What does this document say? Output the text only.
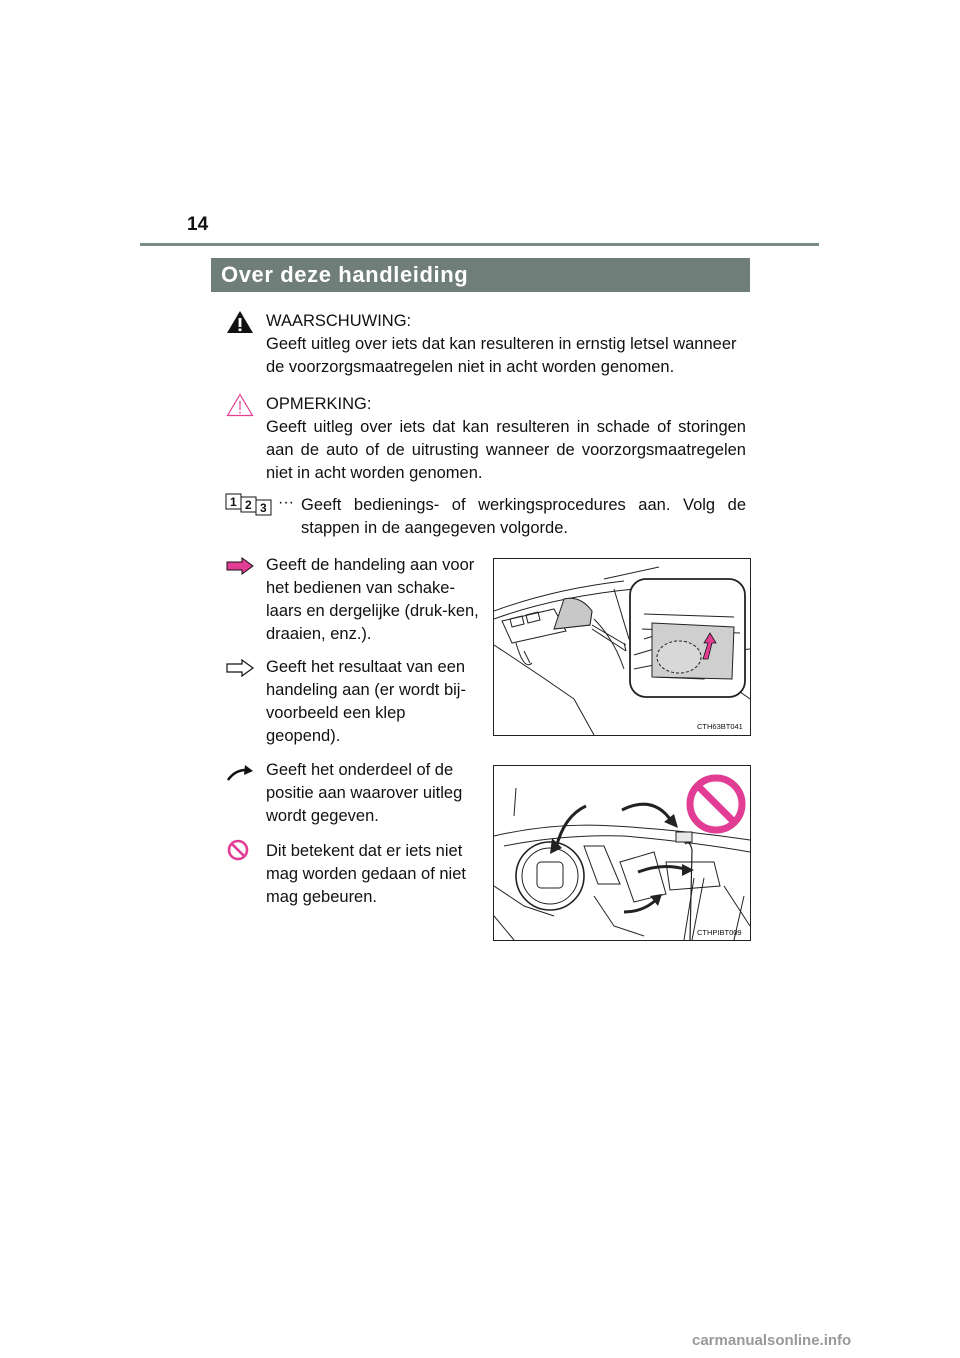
14
Over deze handleiding
WAARSCHUWING:
Geeft uitleg over iets dat kan resulteren in ernstig letsel wanneer de voorzorgsmaatregelen niet in acht worden genomen.
OPMERKING:
Geeft uitleg over iets dat kan resulteren in schade of storingen aan de auto of de uitrusting wanneer de voorzorgsmaatregelen niet in acht worden genomen.
1 2 3 ··· Geeft bedienings- of werkingsprocedures aan. Volg de stappen in de aangegeven volgorde.
Geeft de handeling aan voor het bedienen van schake-laars en dergelijke (druk-ken, draaien, enz.).
Geeft het resultaat van een handeling aan (er wordt bij-voorbeeld een klep geopend).
Geeft het onderdeel of de positie aan waarover uitleg wordt gegeven.
Dit betekent dat er iets niet mag worden gedaan of niet mag gebeuren.
CTH63BT041
CTHPIBT009
carmanualsonline.info
